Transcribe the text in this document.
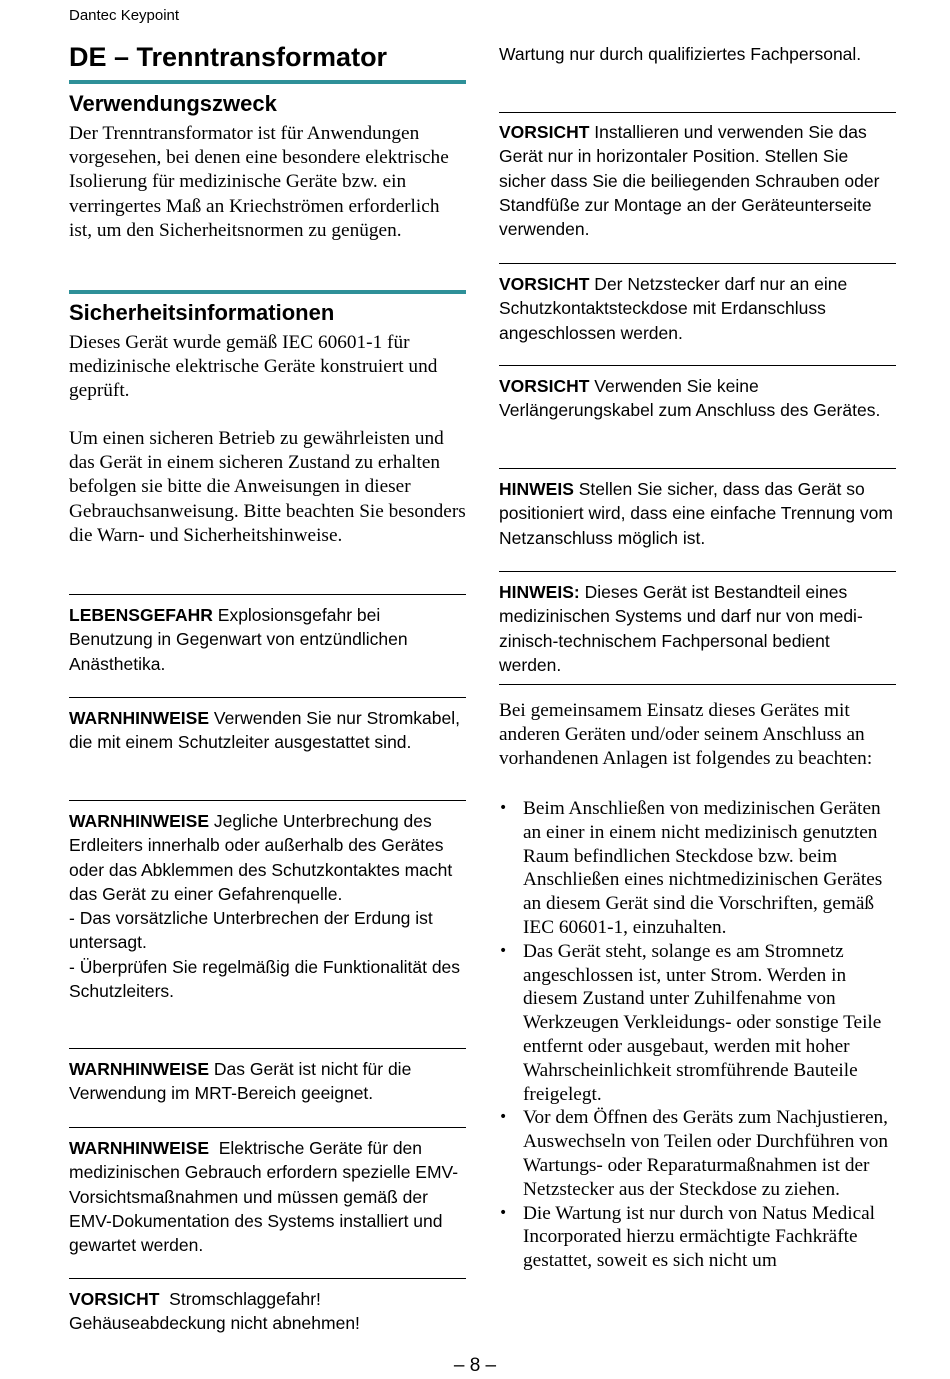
Dantec Keypoint
DE – Trenntransformator
Verwendungszweck

Der Trenntransformator ist für Anwendungen vorgesehen, bei denen eine besondere elektrische Isolierung für medizinische Geräte bzw. ein verringertes Maß an Kriechströmen erforderlich ist, um den Sicherheitsnormen zu genügen.

Sicherheitsinformationen

Dieses Gerät wurde gemäß IEC 60601-1 für medizinische elektrische Geräte konstruiert und geprüft.

Um einen sicheren Betrieb zu gewährleisten und das Gerät in einem sicheren Zustand zu erhalten befolgen sie bitte die Anweisungen in dieser Gebrauchsanweisung. Bitte beachten Sie besonders die Warn- und Sicherheitshinweise.

LEBENSGEFAHR Explosionsgefahr bei Benutzung in Gegenwart von entzündlichen Anästhetika.
WARNHINWEISE Verwenden Sie nur Stromkabel, die mit einem Schutzleiter ausgestattet sind.
WARNHINWEISE Jegliche Unterbrechung des Erdleiters innerhalb oder außerhalb des Gerätes oder das Abklemmen des Schutzkontaktes macht das Gerät zu einer Gefahrenquelle.
- Das vorsätzliche Unterbrechen der Erdung ist untersagt.
- Überprüfen Sie regelmäßig die Funktionalität des Schutzleiters.
WARNHINWEISE Das Gerät ist nicht für die Verwendung im MRT-Bereich geeignet.
WARNHINWEISE  Elektrische Geräte für den medizinischen Gebrauch erfordern spezielle EMV-Vorsichtsmaßnahmen und müssen gemäß der EMV-Dokumentation des Systems installiert und gewartet werden.
VORSICHT  Stromschlaggefahr! Gehäuseabdeckung nicht abnehmen!
Wartung nur durch qualifiziertes Fachpersonal.
VORSICHT Installieren und verwenden Sie das Gerät nur in horizontaler Position. Stellen Sie sicher dass Sie die beiliegenden Schrauben oder Standfüße zur Montage an der Geräteunterseite verwenden.
VORSICHT Der Netzstecker darf nur an eine Schutzkontaktsteckdose mit Erdanschluss angeschlossen werden.
VORSICHT Verwenden Sie keine Verlängerungskabel zum Anschluss des Gerätes.
HINWEIS Stellen Sie sicher, dass das Gerät so positioniert wird, dass eine einfache Trennung vom Netzanschluss möglich ist.
HINWEIS: Dieses Gerät ist Bestandteil eines medizinischen Systems und darf nur von medi-zinisch-technischem Fachpersonal bedient werden.

Bei gemeinsamem Einsatz dieses Gerätes mit anderen Geräten und/oder seinem Anschluss an vorhandenen Anlagen ist folgendes zu beachten:

• Beim Anschließen von medizinischen Geräten an einer in einem nicht medizinisch genutzten Raum befindlichen Steckdose bzw. beim Anschließen eines nichtmedizinischen Gerätes an diesem Gerät sind die Vorschriften, gemäß IEC 60601-1, einzuhalten.
• Das Gerät steht, solange es am Stromnetz angeschlossen ist, unter Strom. Werden in diesem Zustand unter Zuhilfenahme von Werkzeugen Verkleidungs- oder sonstige Teile entfernt oder ausgebaut, werden mit hoher Wahrscheinlichkeit stromführende Bauteile freigelegt.
• Vor dem Öffnen des Geräts zum Nachjustieren, Auswechseln von Teilen oder Durchführen von Wartungs- oder Reparaturmaßnahmen ist der Netzstecker aus der Steckdose zu ziehen.
• Die Wartung ist nur durch von Natus Medical Incorporated hierzu ermächtigte Fachkräfte gestattet, soweit es sich nicht um
– 8 –
